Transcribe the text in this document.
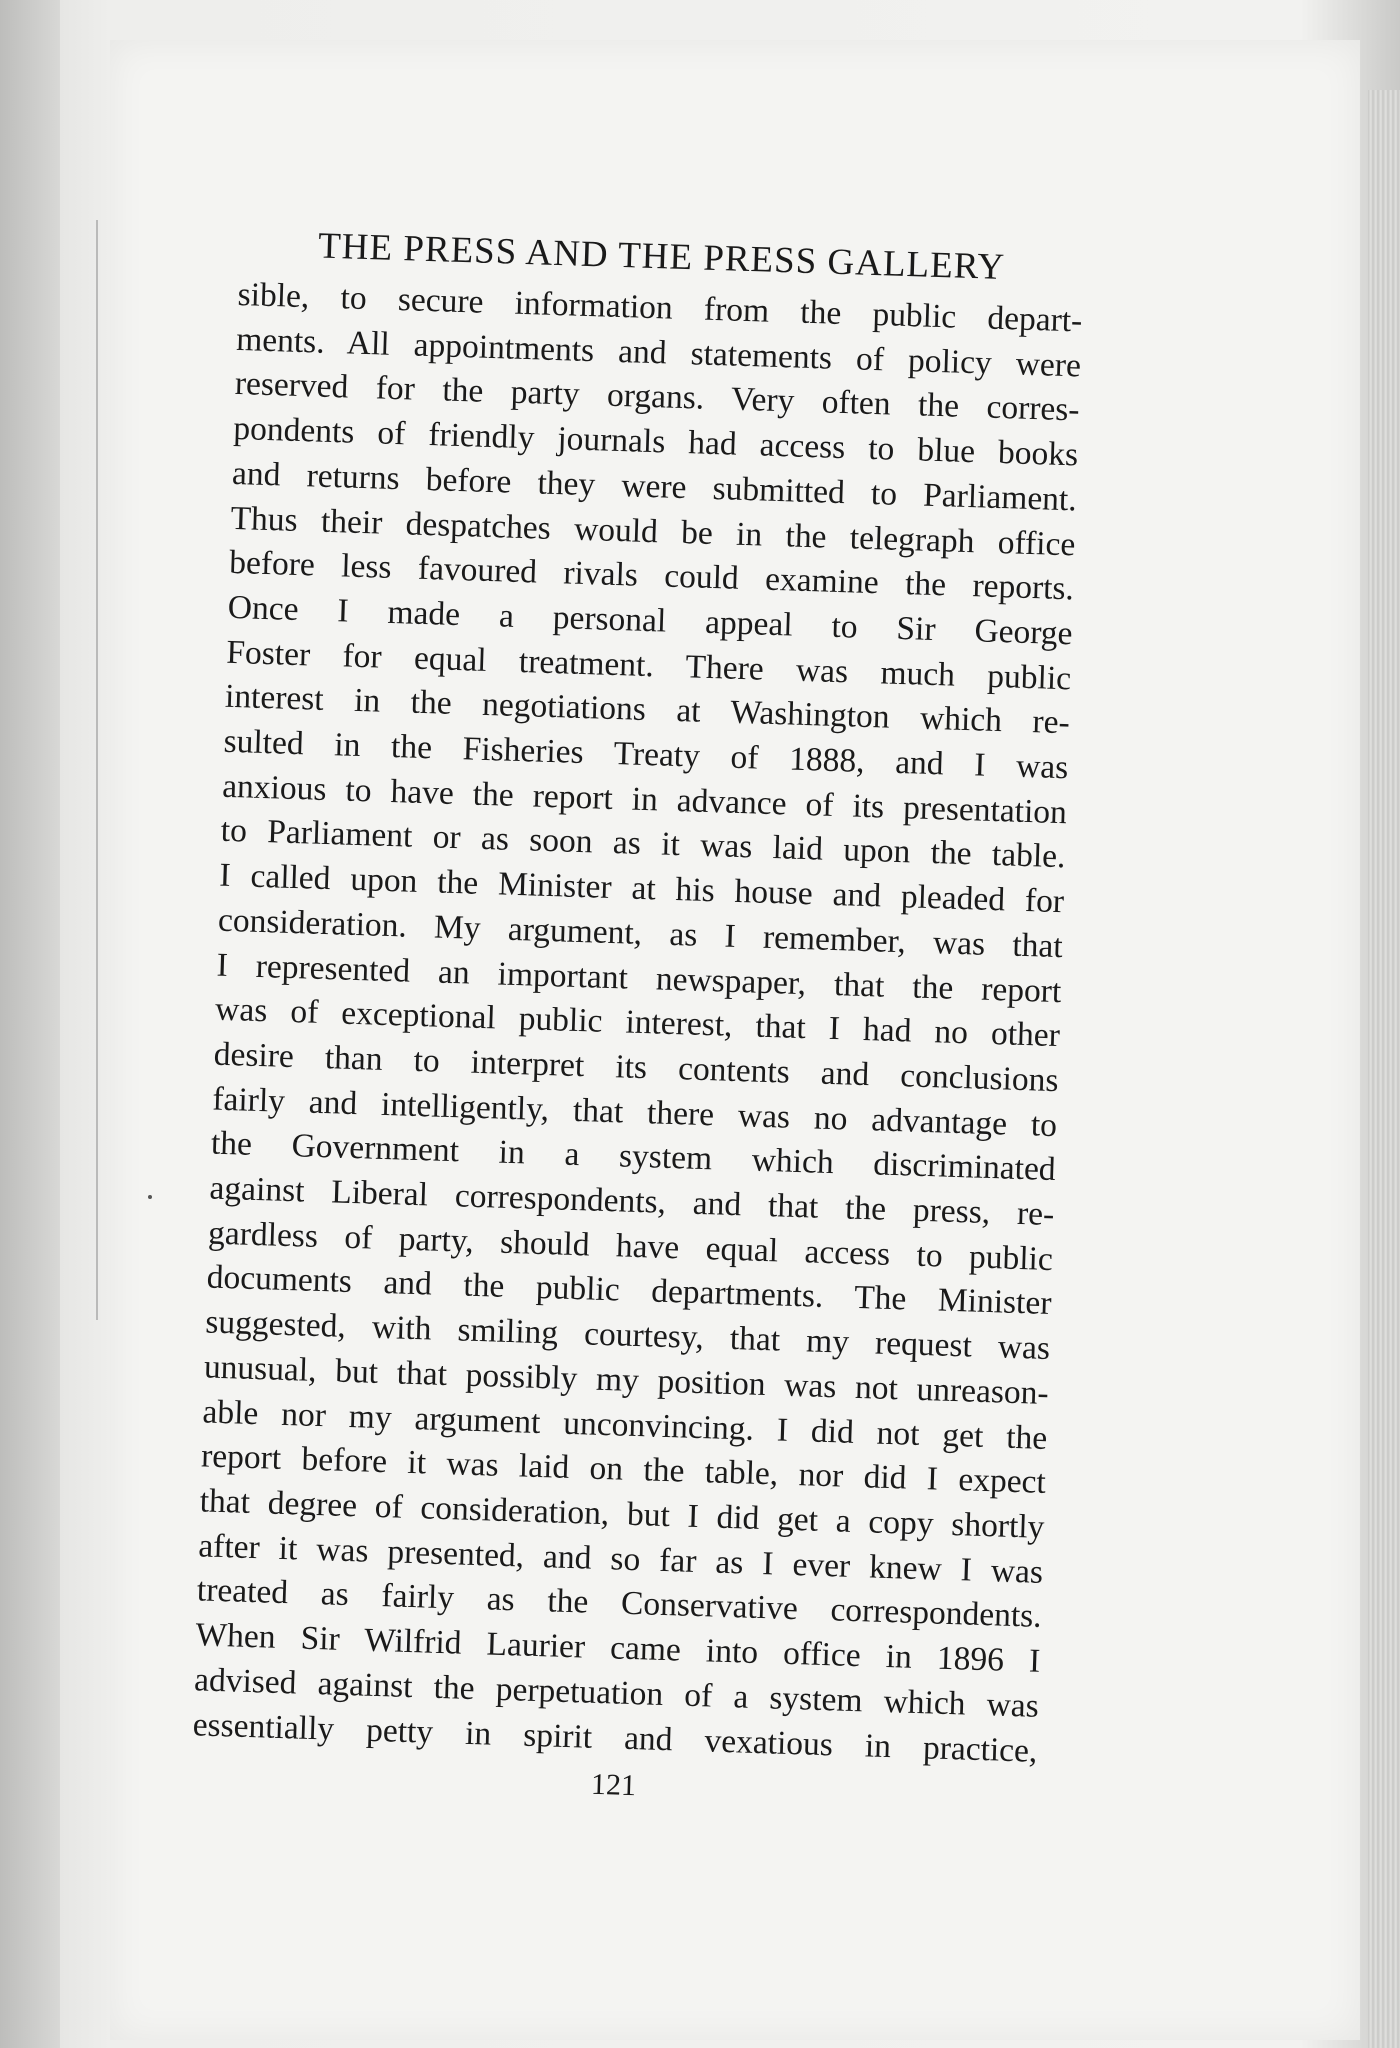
THE PRESS AND THE PRESS GALLERY

sible, to secure information from the public depart-
ments. All appointments and statements of policy were
reserved for the party organs. Very often the corres-
pondents of friendly journals had access to blue books
and returns before they were submitted to Parliament.
Thus their despatches would be in the telegraph office
before less favoured rivals could examine the reports.
Once I made a personal appeal to Sir George
Foster for equal treatment. There was much public
interest in the negotiations at Washington which re-
sulted in the Fisheries Treaty of 1888, and I was
anxious to have the report in advance of its presentation
to Parliament or as soon as it was laid upon the table.
I called upon the Minister at his house and pleaded for
consideration. My argument, as I remember, was that
I represented an important newspaper, that the report
was of exceptional public interest, that I had no other
desire than to interpret its contents and conclusions
fairly and intelligently, that there was no advantage to
the Government in a system which discriminated
against Liberal correspondents, and that the press, re-
gardless of party, should have equal access to public
documents and the public departments. The Minister
suggested, with smiling courtesy, that my request was
unusual, but that possibly my position was not unreason-
able nor my argument unconvincing. I did not get the
report before it was laid on the table, nor did I expect
that degree of consideration, but I did get a copy shortly
after it was presented, and so far as I ever knew I was
treated as fairly as the Conservative correspondents.
When Sir Wilfrid Laurier came into office in 1896 I
advised against the perpetuation of a system which was
essentially petty in spirit and vexatious in practice,

121
